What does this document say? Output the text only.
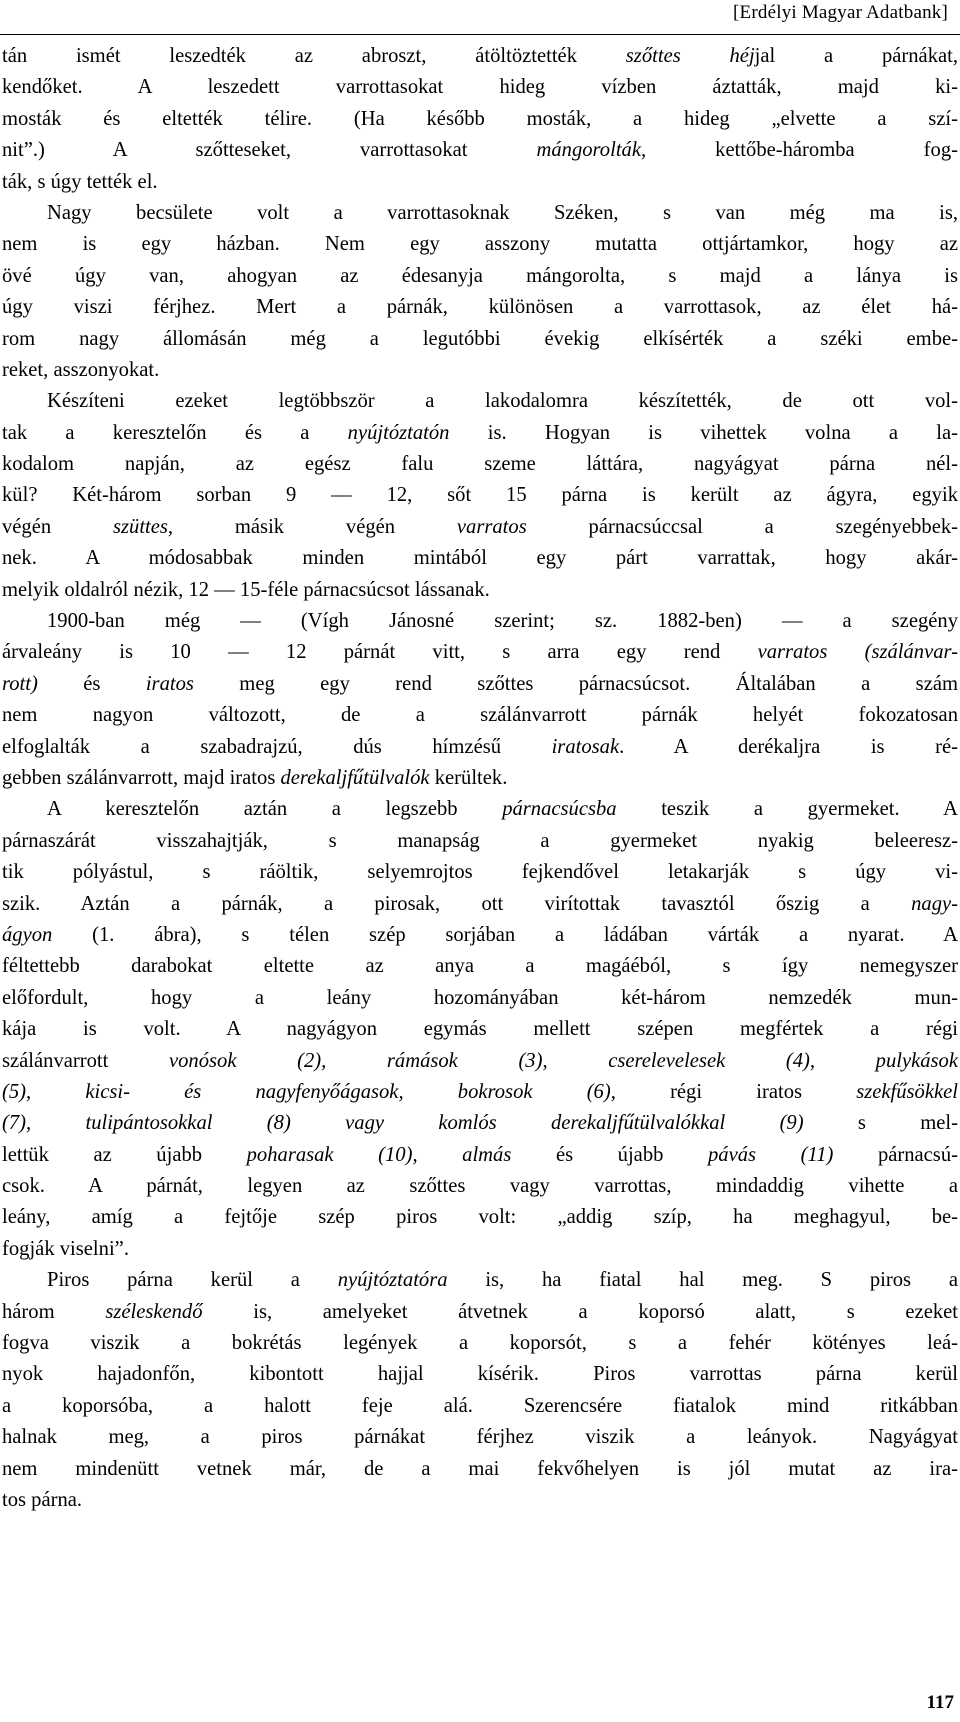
[Erdélyi Magyar Adatbank]
tán ismét leszedték az abroszt, átöltöztették szőttes héjjal a párnákat,
kendőket. A leszedett varrottasokat hideg vízben áztatták, majd ki-
mosták és eltették télire. (Ha később mosták, a hideg „elvette a szí-
nit”.) A szőtteseket, varrottasokat mángorolták, kettőbe-háromba fog-
ták, s úgy tették el.
Nagy becsülete volt a varrottasoknak Széken, s van még ma is,
nem is egy házban. Nem egy asszony mutatta ottjártamkor, hogy az
övé úgy van, ahogyan az édesanyja mángorolta, s majd a lánya is
úgy viszi férjhez. Mert a párnák, különösen a varrottasok, az élet há-
rom nagy állomásán még a legutóbbi évekig elkísérték a széki embe-
reket, asszonyokat.
Készíteni ezeket legtöbbször a lakodalomra készítették, de ott vol-
tak a keresztelőn és a nyújtóztatón is. Hogyan is vihettek volna a la-
kodalom napján, az egész falu szeme láttára, nagyágyat párna nél-
kül? Két-három sorban 9 — 12, sőt 15 párna is került az ágyra, egyik
végén szüttes, másik végén varratos párnacsúccsal a szegényebbek-
nek. A módosabbak minden mintából egy párt varrattak, hogy akár-
melyik oldalról nézik, 12 — 15-féle párnacsúcsot lássanak.
1900-ban még — (Vígh Jánosné szerint; sz. 1882-ben) — a szegény
árvaleány is 10 — 12 párnát vitt, s arra egy rend varratos (szálánvar-
rott) és iratos meg egy rend szőttes párnacsúcsot. Általában a szám
nem nagyon változott, de a szálánvarrott párnák helyét fokozatosan
elfoglalták a szabadrajzú, dús hímzésű iratosak. A derékaljra is ré-
gebben szálánvarrott, majd iratos derekaljfűtülvalók kerültek.
A keresztelőn aztán a legszebb párnacsúcsba teszik a gyermeket. A
párnaszárát visszahajtják, s manapság a gyermeket nyakig beleeresz-
tik pólyástul, s ráöltik, selyemrojtos fejkendővel letakarják s úgy vi-
szik. Aztán a párnák, a pirosak, ott virítottak tavasztól őszig a nagy-
ágyon (1. ábra), s télen szép sorjában a ládában várták a nyarat. A
féltettebb darabokat eltette az anya a magáéból, s így nemegyszer
előfordult, hogy a leány hozományában két-három nemzedék mun-
kája is volt. A nagyágyon egymás mellett szépen megfértek a régi
szálánvarrott vonósok (2), rámások (3), cserelevelesek (4), pulykások
(5), kicsi- és nagyfenyőágasok, bokrosok (6), régi iratos szekfűsökkel
(7), tulipántosokkal (8) vagy komlós derekaljfűtülvalókkal (9) s mel-
lettük az újabb poharasak (10), almás és újabb pávás (11) párnacsú-
csok. A párnát, legyen az szőttes vagy varrottas, mindaddig vihette a
leány, amíg a fejtője szép piros volt: „addig szíp, ha meghagyul, be-
fogják viselni”.
Piros párna kerül a nyújtóztatóra is, ha fiatal hal meg. S piros a
három széleskendő is, amelyeket átvetnek a koporsó alatt, s ezeket
fogva viszik a bokrétás legények a koporsót, s a fehér kötényes leá-
nyok hajadonfőn, kibontott hajjal kísérik. Piros varrottas párna kerül
a koporsóba, a halott feje alá. Szerencsére fiatalok mind ritkábban
halnak meg, a piros párnákat férjhez viszik a leányok. Nagyágyat
nem mindenütt vetnek már, de a mai fekvőhelyen is jól mutat az ira-
tos párna.
117
